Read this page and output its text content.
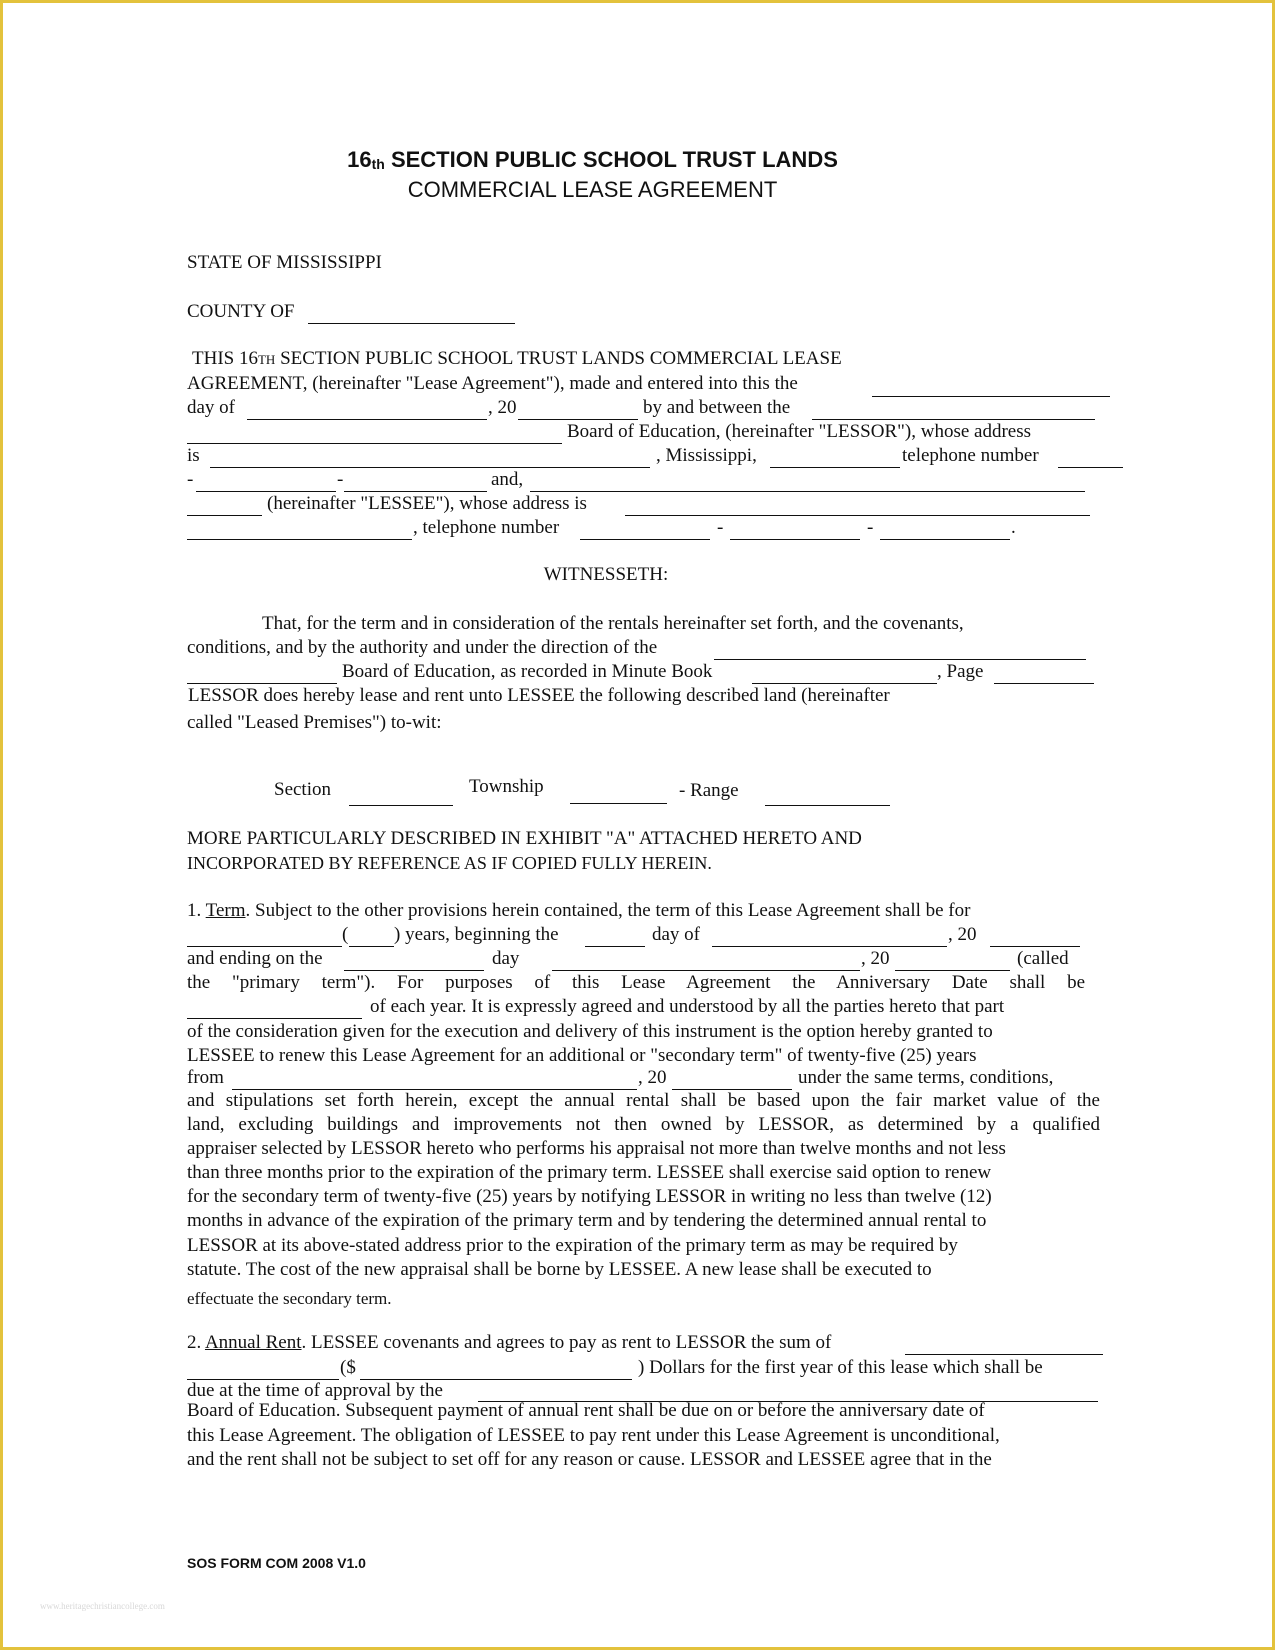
$16_{th}$ SECTION PUBLIC SCHOOL TRUST LANDS
COMMERCIAL LEASE AGREEMENT
STATE OF MISSISSIPPI
COUNTY OF
THIS 16TH SECTION PUBLIC SCHOOL TRUST LANDS COMMERCIAL LEASE
AGREEMENT, (hereinafter "Lease Agreement"), made and entered into this the
day of	, 20	by and between the
Board of Education, (hereinafter "LESSOR"), whose address
is	, Mississippi,	telephone number
-	-	and,
(hereinafter "LESSEE"), whose address is
, telephone number	-	-	.
WITNESSETH:
That, for the term and in consideration of the rentals hereinafter set forth, and the covenants,
conditions, and by the authority and under the direction of the
Board of Education, as recorded in Minute Book	, Page
LESSOR does hereby lease and rent unto LESSEE the following described land (hereinafter
called "Leased Premises") to-wit:
Section	Township	- Range
MORE PARTICULARLY DESCRIBED IN EXHIBIT "A" ATTACHED HERETO AND
INCORPORATED BY REFERENCE AS IF COPIED FULLY HEREIN.
1. Term. Subject to the other provisions herein contained, the term of this Lease Agreement shall be for
( ) years, beginning the	day of	, 20
and ending on the	day	, 20	(called
the "primary term"). For purposes of this Lease Agreement the Anniversary Date shall be
of each year. It is expressly agreed and understood by all the parties hereto that part
of the consideration given for the execution and delivery of this instrument is the option hereby granted to
LESSEE to renew this Lease Agreement for an additional or "secondary term" of twenty-five (25) years
from	, 20	under the same terms, conditions,
and stipulations set forth herein, except the annual rental shall be based upon the fair market value of the
land, excluding buildings and improvements not then owned by LESSOR, as determined by a qualified
appraiser selected by LESSOR hereto who performs his appraisal not more than twelve months and not less
than three months prior to the expiration of the primary term. LESSEE shall exercise said option to renew
for the secondary term of twenty-five (25) years by notifying LESSOR in writing no less than twelve (12)
months in advance of the expiration of the primary term and by tendering the determined annual rental to
LESSOR at its above-stated address prior to the expiration of the primary term as may be required by
statute. The cost of the new appraisal shall be borne by LESSEE. A new lease shall be executed to
effectuate the secondary term.
2. Annual Rent. LESSEE covenants and agrees to pay as rent to LESSOR the sum of
($	) Dollars for the first year of this lease which shall be
due at the time of approval by the
Board of Education. Subsequent payment of annual rent shall be due on or before the anniversary date of
this Lease Agreement. The obligation of LESSEE to pay rent under this Lease Agreement is unconditional,
and the rent shall not be subject to set off for any reason or cause. LESSOR and LESSEE agree that in the
SOS FORM COM 2008 V1.0
www.heritagechristiancollege.com
